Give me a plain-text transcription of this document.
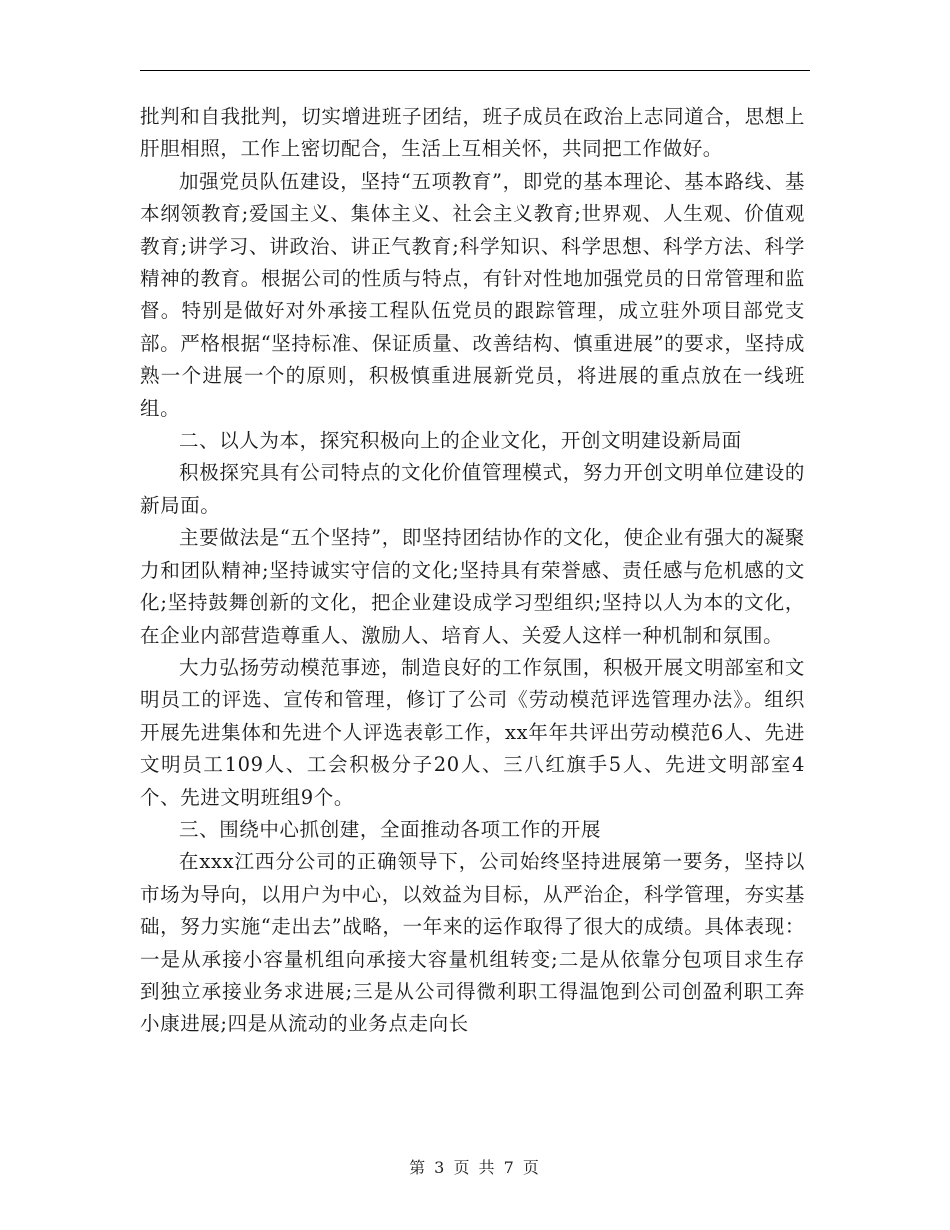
批判和自我批判，切实增进班子团结，班子成员在政治上志同道合，思想上肝胆相照，工作上密切配合，生活上互相关怀，共同把工作做好。

加强党员队伍建设，坚持“五项教育”，即党的基本理论、基本路线、基本纲领教育;爱国主义、集体主义、社会主义教育;世界观、人生观、价值观教育;讲学习、讲政治、讲正气教育;科学知识、科学思想、科学方法、科学精神的教育。根据公司的性质与特点，有针对性地加强党员的日常管理和监督。特别是做好对外承接工程队伍党员的跟踪管理，成立驻外项目部党支部。严格根据“坚持标准、保证质量、改善结构、慎重进展”的要求，坚持成熟一个进展一个的原则，积极慎重进展新党员，将进展的重点放在一线班组。

二、以人为本，探究积极向上的企业文化，开创文明建设新局面

积极探究具有公司特点的文化价值管理模式，努力开创文明单位建设的新局面。

主要做法是“五个坚持”，即坚持团结协作的文化，使企业有强大的凝聚力和团队精神;坚持诚实守信的文化;坚持具有荣誉感、责任感与危机感的文化;坚持鼓舞创新的文化，把企业建设成学习型组织;坚持以人为本的文化，在企业内部营造尊重人、激励人、培育人、关爱人这样一种机制和氛围。

大力弘扬劳动模范事迹，制造良好的工作氛围，积极开展文明部室和文明员工的评选、宣传和管理，修订了公司《劳动模范评选管理办法》。组织开展先进集体和先进个人评选表彰工作，xx年年共评出劳动模范6人、先进文明员工109人、工会积极分子20人、三八红旗手5人、先进文明部室4个、先进文明班组9个。

三、围绕中心抓创建，全面推动各项工作的开展

在xxx江西分公司的正确领导下，公司始终坚持进展第一要务，坚持以市场为导向，以用户为中心，以效益为目标，从严治企，科学管理，夯实基础，努力实施“走出去”战略，一年来的运作取得了很大的成绩。具体表现：一是从承接小容量机组向承接大容量机组转变;二是从依靠分包项目求生存到独立承接业务求进展;三是从公司得微利职工得温饱到公司创盈利职工奔小康进展;四是从流动的业务点走向长

第 3 页 共 7 页
